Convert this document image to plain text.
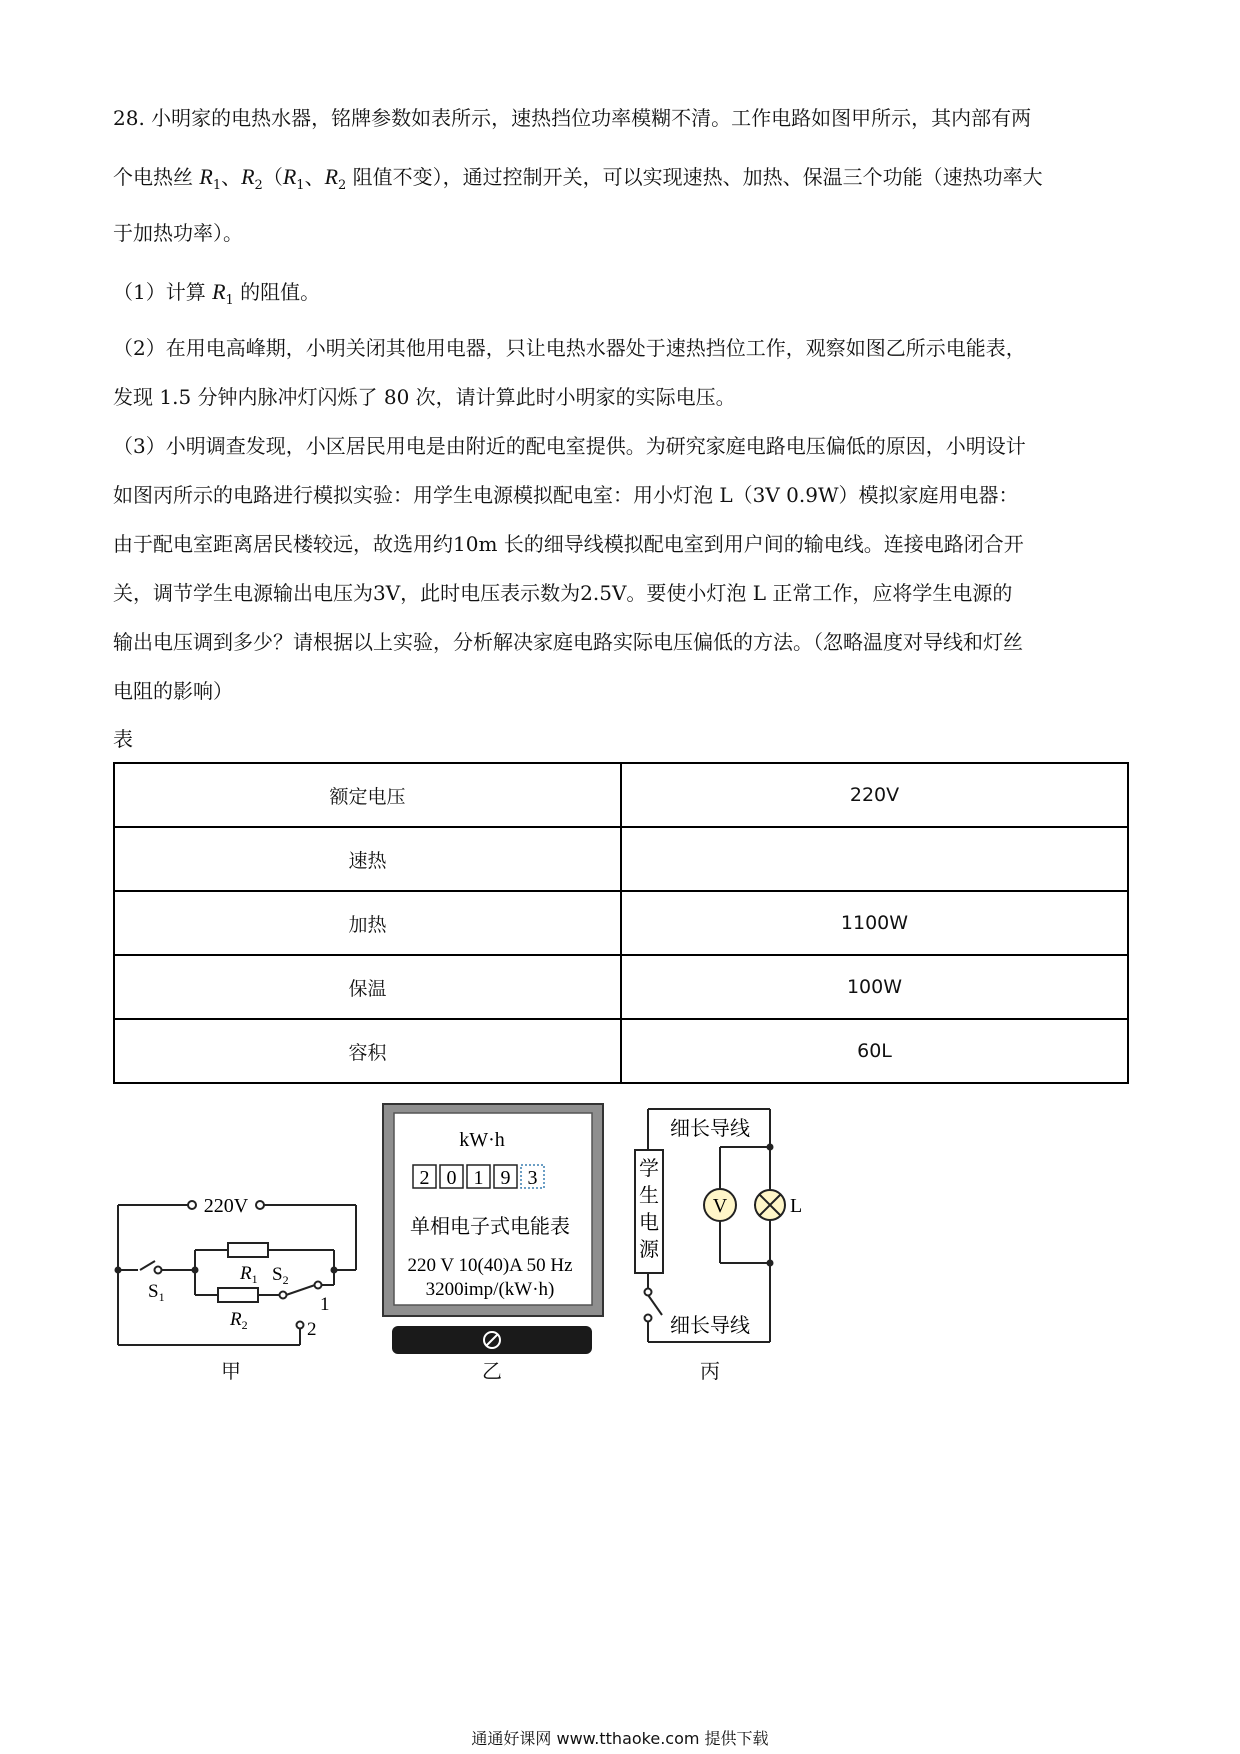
28. 小明家的电热水器，铭牌参数如表所示，速热挡位功率模糊不清。工作电路如图甲所示，其内部有两

个电热丝 $R_1$、$R_2(R_1$、$R_2$ 阻值不变），通过控制开关，可以实现速热、加热、保温三个功能（速热功率大

于加热功率）。

（1）计算 $R_1$ 的阻值。

（2）在用电高峰期，小明关闭其他用电器，只让电热水器处于速热挡位工作，观察如图乙所示电能表，

发现 1.5 分钟内脉冲灯闪烁了 80 次，请计算此时小明家的实际电压。

（3）小明调查发现，小区居民用电是由附近的配电室提供。为研究家庭电路电压偏低的原因，小明设计

如图丙所示的电路进行模拟实验：用学生电源模拟配电室：用小灯泡 L（3V 0.9W）模拟家庭用电器：

由于配电室距离居民楼较远，故选用约10m 长的细导线模拟配电室到用户间的输电线。连接电路闭合开

关，调节学生电源输出电压为3V，此时电压表示数为2.5V。要使小灯泡 L 正常工作，应将学生电源的

输出电压调到多少？请根据以上实验，分析解决家庭电路实际电压偏低的方法。（忽略温度对导线和灯丝

电阻的影响）

表

额定电压	220V
速热	
加热	1100W
保温	100W
容积	60L
220V
$R_1$
$R_2$
$S_1$
$S_2$
1
2
甲
kW·h
2 0 1 9 3
单相电子式电能表
220 V 10(40)A 50 Hz
3200imp/(kW·h)
乙
学
生
电
源
V	L
细长导线
细长导线
丙
通通好课网 www.tthaoke.com 提供下载
